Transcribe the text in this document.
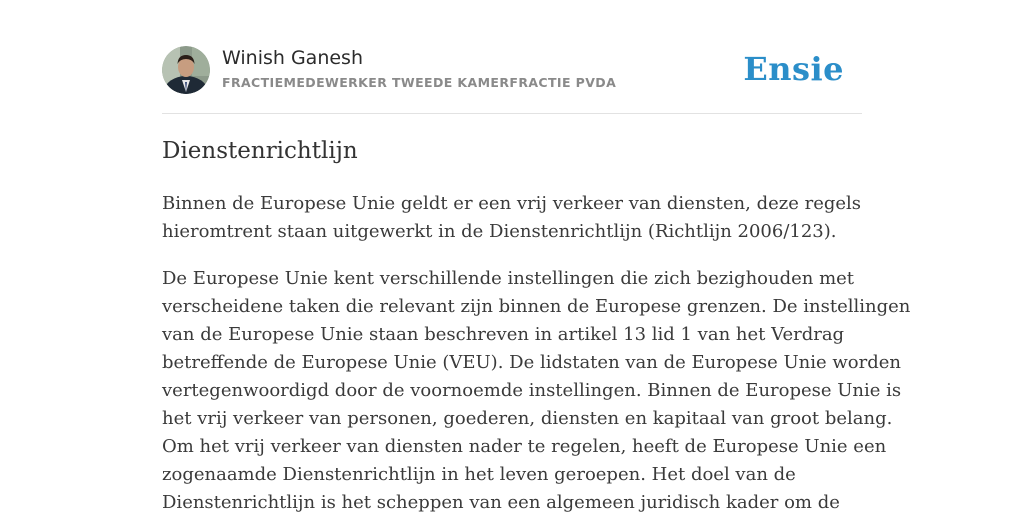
Winish Ganesh
FRACTIEMEDEWERKER TWEEDE KAMERFRACTIE PVDA	Ensie
Dienstenrichtlijn

Binnen de Europese Unie geldt er een vrij verkeer van diensten, deze regels
hieromtrent staan uitgewerkt in de Dienstenrichtlijn (Richtlijn 2006/123).

De Europese Unie kent verschillende instellingen die zich bezighouden met
verscheidene taken die relevant zijn binnen de Europese grenzen. De instellingen
van de Europese Unie staan beschreven in artikel 13 lid 1 van het Verdrag
betreffende de Europese Unie (VEU). De lidstaten van de Europese Unie worden
vertegenwoordigd door de voornoemde instellingen. Binnen de Europese Unie is
het vrij verkeer van personen, goederen, diensten en kapitaal van groot belang.
Om het vrij verkeer van diensten nader te regelen, heeft de Europese Unie een
zogenaamde Dienstenrichtlijn in het leven geroepen. Het doel van de
Dienstenrichtlijn is het scheppen van een algemeen juridisch kader om de
